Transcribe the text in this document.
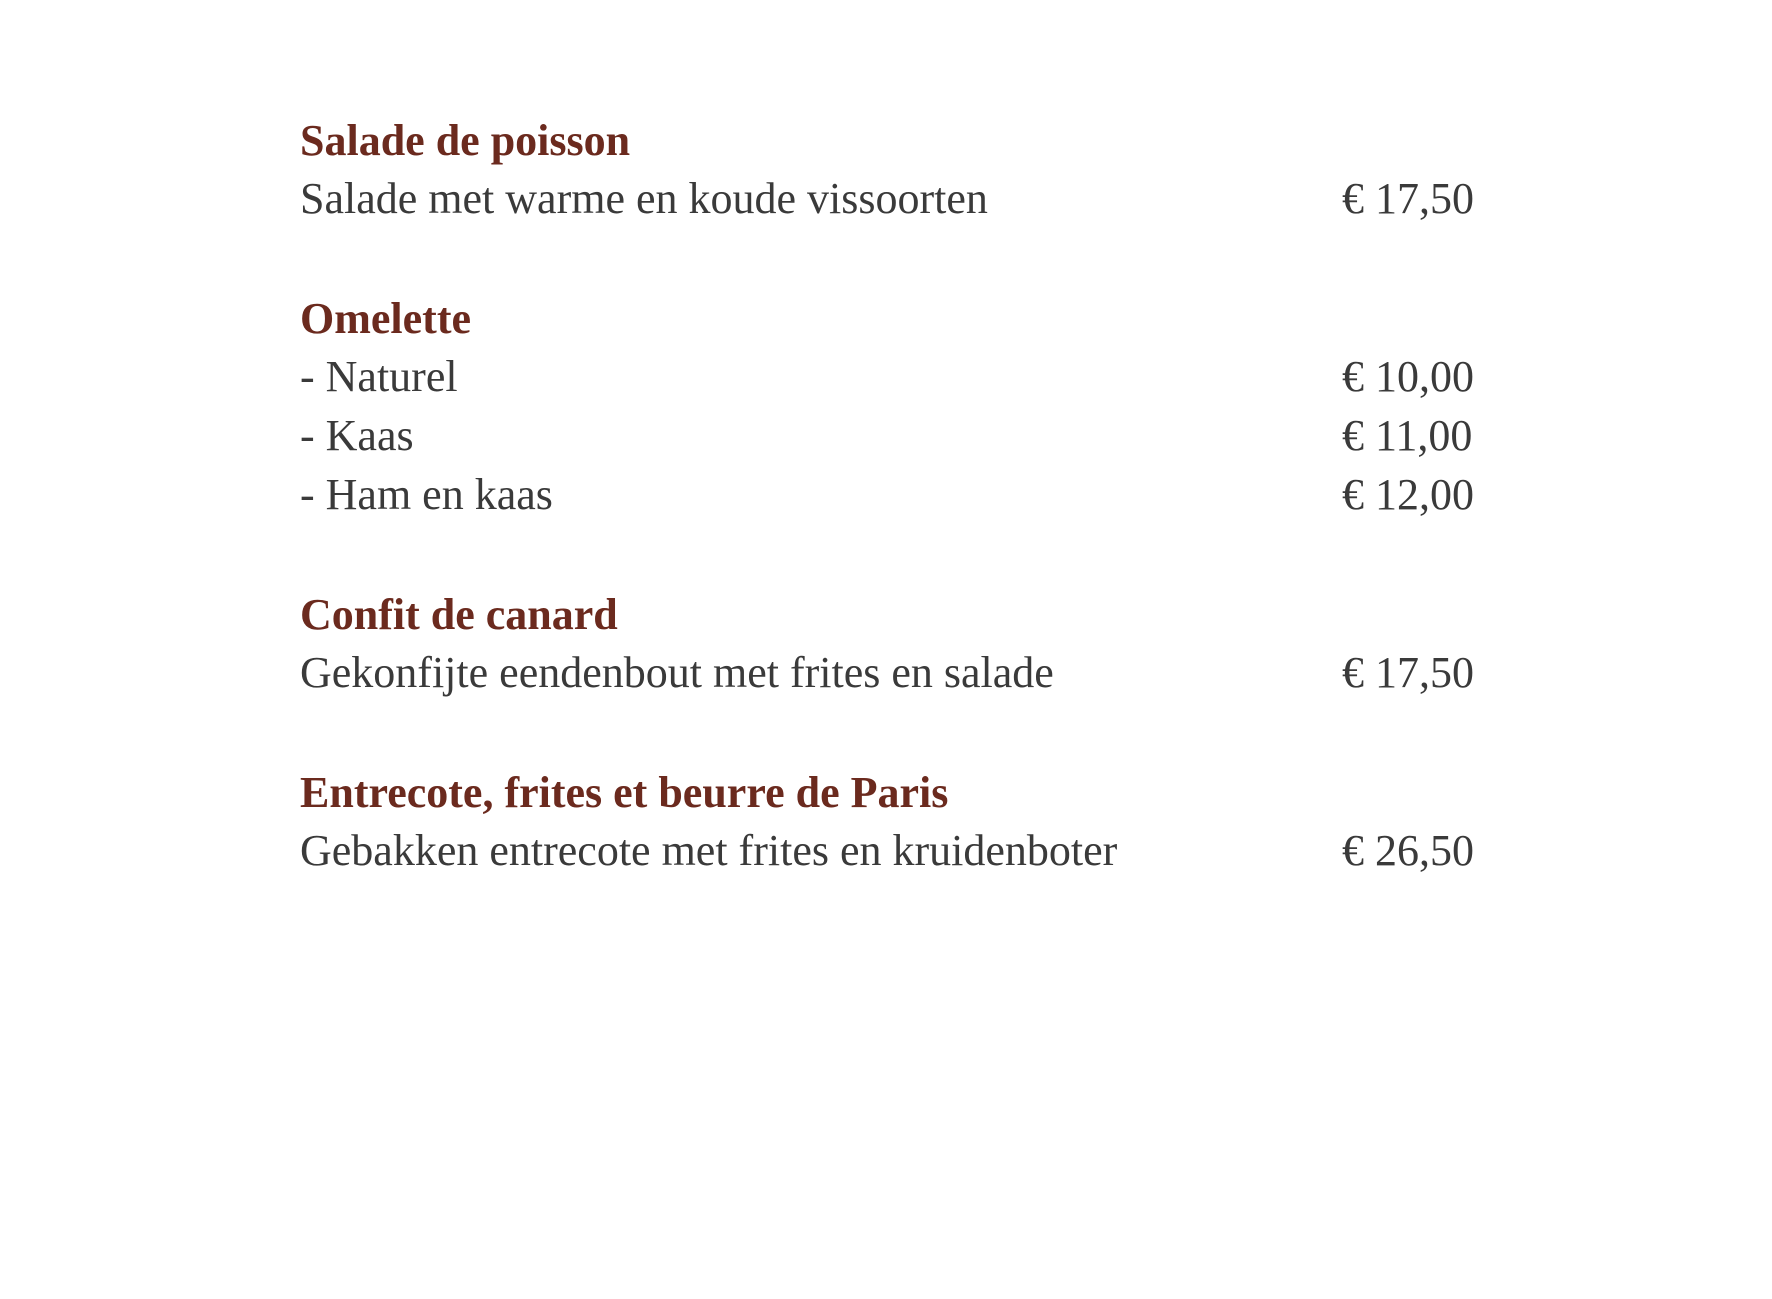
Salade de poisson
Salade met warme en koude vissoorten	€ 17,50
Omelette
- Naturel	€ 10,00
- Kaas	€ 11,00
- Ham en kaas	€ 12,00
Confit de canard
Gekonfijte eendenbout met frites en salade	€ 17,50
Entrecote, frites et beurre de Paris
Gebakken entrecote met frites en kruidenboter	€ 26,50
